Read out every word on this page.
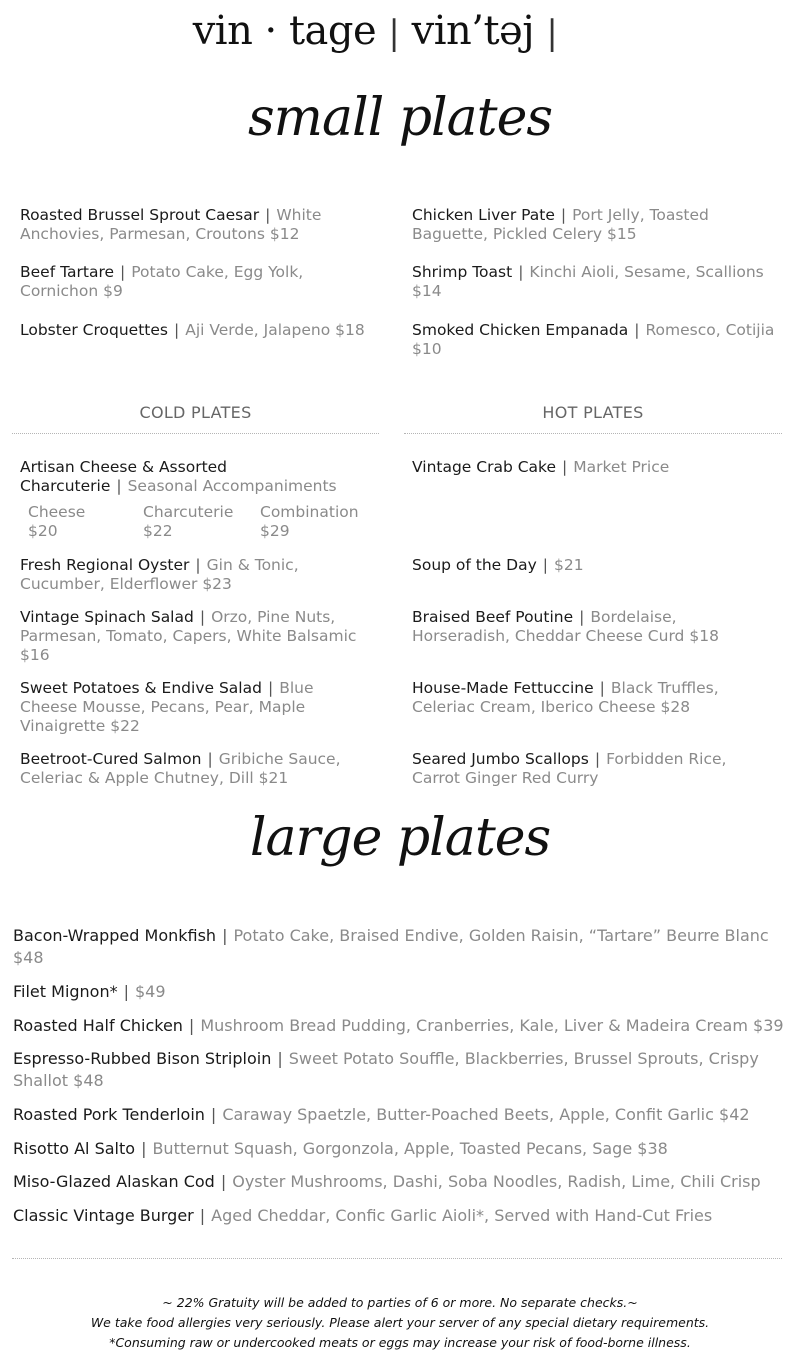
vin · tage | vin’təj |
small plates
Roasted Brussel Sprout Caesar | White Anchovies, Parmesan, Croutons $12
Chicken Liver Pate | Port Jelly, Toasted Baguette, Pickled Celery $15
Beef Tartare | Potato Cake, Egg Yolk, Cornichon $9
Shrimp Toast | Kinchi Aioli, Sesame, Scallions $14
Lobster Croquettes | Aji Verde, Jalapeno $18	Smoked Chicken Empanada | Romesco, Cotijia $10
COLD PLATES	HOT PLATES
Artisan Cheese & Assorted Charcuterie | Seasonal Accompaniments
Cheese
$20
Charcuterie
$22
Combination
$29
Fresh Regional Oyster | Gin & Tonic, Cucumber, Elderflower $23
Vintage Spinach Salad | Orzo, Pine Nuts, Parmesan, Tomato, Capers, White Balsamic $16
Sweet Potatoes & Endive Salad | Blue Cheese Mousse, Pecans, Pear, Maple Vinaigrette $22
Beetroot-Cured Salmon | Gribiche Sauce, Celeriac & Apple Chutney, Dill $21
Vintage Crab Cake | Market Price
Soup of the Day | $21
Braised Beef Poutine | Bordelaise, Horseradish, Cheddar Cheese Curd $18
House-Made Fettuccine | Black Truffles, Celeriac Cream, Iberico Cheese $28
Seared Jumbo Scallops | Forbidden Rice, Carrot Ginger Red Curry
large plates
Bacon-Wrapped Monkfish | Potato Cake, Braised Endive, Golden Raisin, “Tartare” Beurre Blanc $48
Filet Mignon* | $49
Roasted Half Chicken | Mushroom Bread Pudding, Cranberries, Kale, Liver & Madeira Cream $39
Espresso-Rubbed Bison Striploin | Sweet Potato Souffle, Blackberries, Brussel Sprouts, Crispy Shallot $48
Roasted Pork Tenderloin | Caraway Spaetzle, Butter-Poached Beets, Apple, Confit Garlic $42
Risotto Al Salto | Butternut Squash, Gorgonzola, Apple, Toasted Pecans, Sage $38
Miso-Glazed Alaskan Cod | Oyster Mushrooms, Dashi, Soba Noodles, Radish, Lime, Chili Crisp
Classic Vintage Burger | Aged Cheddar, Confic Garlic Aioli*, Served with Hand-Cut Fries
~ 22% Gratuity will be added to parties of 6 or more. No separate checks.~
We take food allergies very seriously. Please alert your server of any special dietary requirements.
*Consuming raw or undercooked meats or eggs may increase your risk of food-borne illness.
